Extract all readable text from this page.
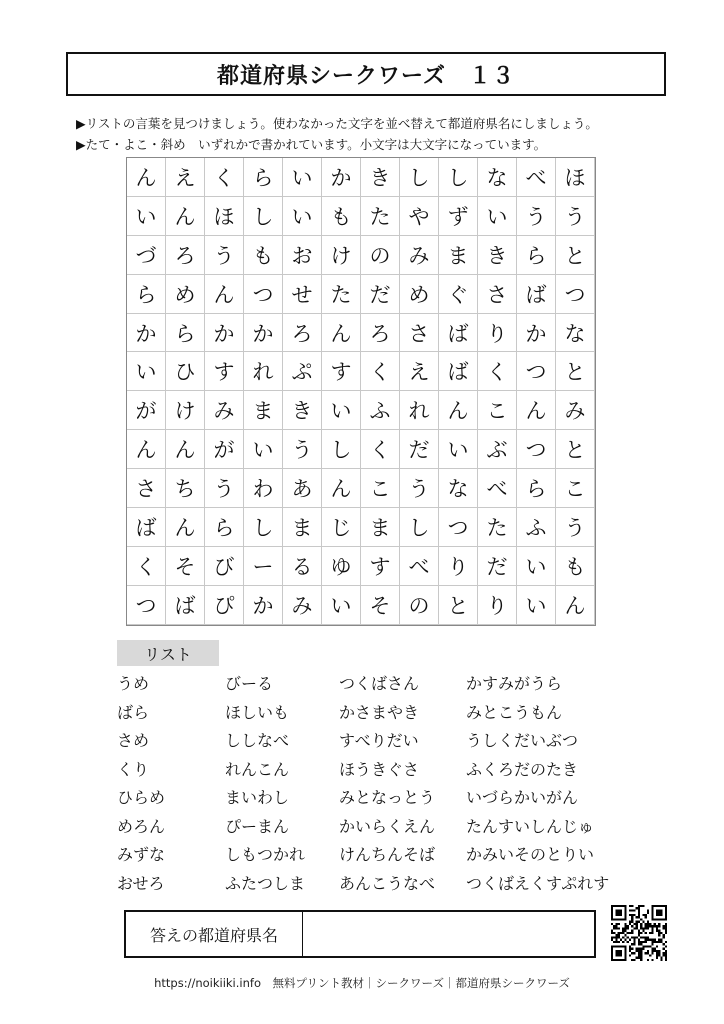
都道府県シークワーズ　１３
▶リストの言葉を見つけましょう。使わなかった文字を並べ替えて都道府県名にしましょう。
▶たて・よこ・斜め　いずれかで書かれています。小文字は大文字になっています。
ん え く ら い か き し し な べ ほ
い ん ほ し い も た や ず い う う
づ ろ う も お け の み ま き ら と
ら め ん つ せ た だ め ぐ さ ば つ
か ら か か ろ ん ろ さ ば り か な
い ひ す れ ぷ す く え ば く つ と
が け み ま き い ふ れ ん こ ん み
ん ん が い う し く だ い ぶ つ と
さ ち う わ あ ん こ う な べ ら こ
ば ん ら し ま じ ま し つ た ふ う
く そ び ー る ゆ す べ り だ い も
つ ば ぴ か み い そ の と り い ん
リスト
うめ
ばら
さめ
くり
ひらめ
めろん
みずな
おせろ
びーる
ほしいも
ししなべ
れんこん
まいわし
ぴーまん
しもつかれ
ふたつしま
つくばさん
かさまやき
すべりだい
ほうきぐさ
みとなっとう
かいらくえん
けんちんそば
あんこうなべ
かすみがうら
みとこうもん
うしくだいぶつ
ふくろだのたき
いづらかいがん
たんすいしんじゅ
かみいそのとりい
つくばえくすぷれす
答えの都道府県名
https://noikiiki.info　無料プリント教材｜シークワーズ｜都道府県シークワーズ
